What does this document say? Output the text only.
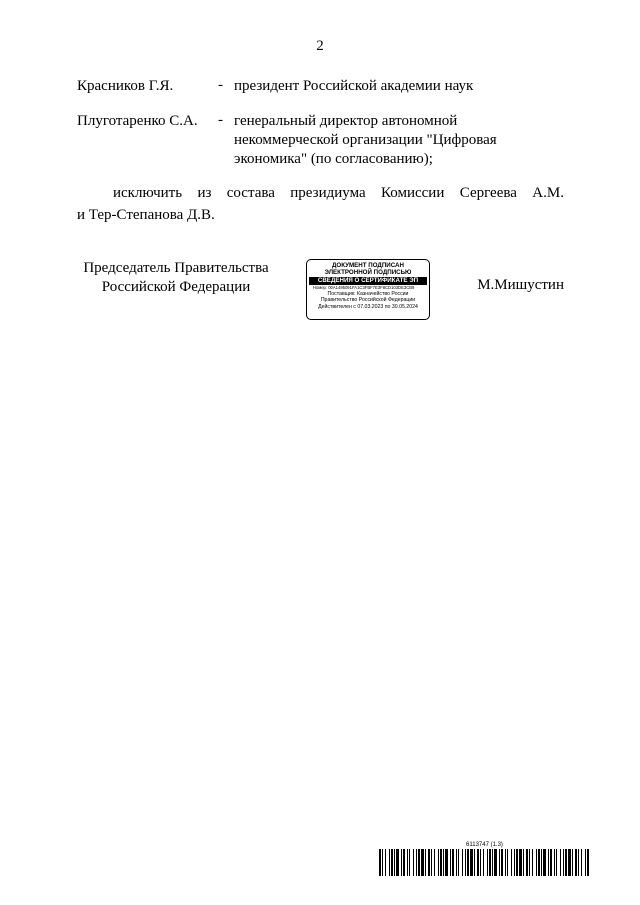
2
Красников Г.Я.	- президент Российской академии наук
Плуготаренко С.А. - генеральный директор автономной
некоммерческой организации "Цифровая
экономика" (по согласованию);
исключить из состава президиума Комиссии Сергеева А.М.
и Тер-Степанова Д.В.
Председатель Правительства
Российской Федерации
ДОКУМЕНТ ПОДПИСАН
ЭЛЕКТРОННОЙ ПОДПИСЬЮ
СВЕДЕНИЯ О СЕРТИФИКАТЕ ЭП
Номер: 00A1495091FA1C3FBF7E3F8CD103DE3CB9
Поставщик: Казначейство России
Правительство Российской Федерации
Действителен с 07.03.2023 по 30.05.2024
М.Мишустин
6113747 (1.3)
